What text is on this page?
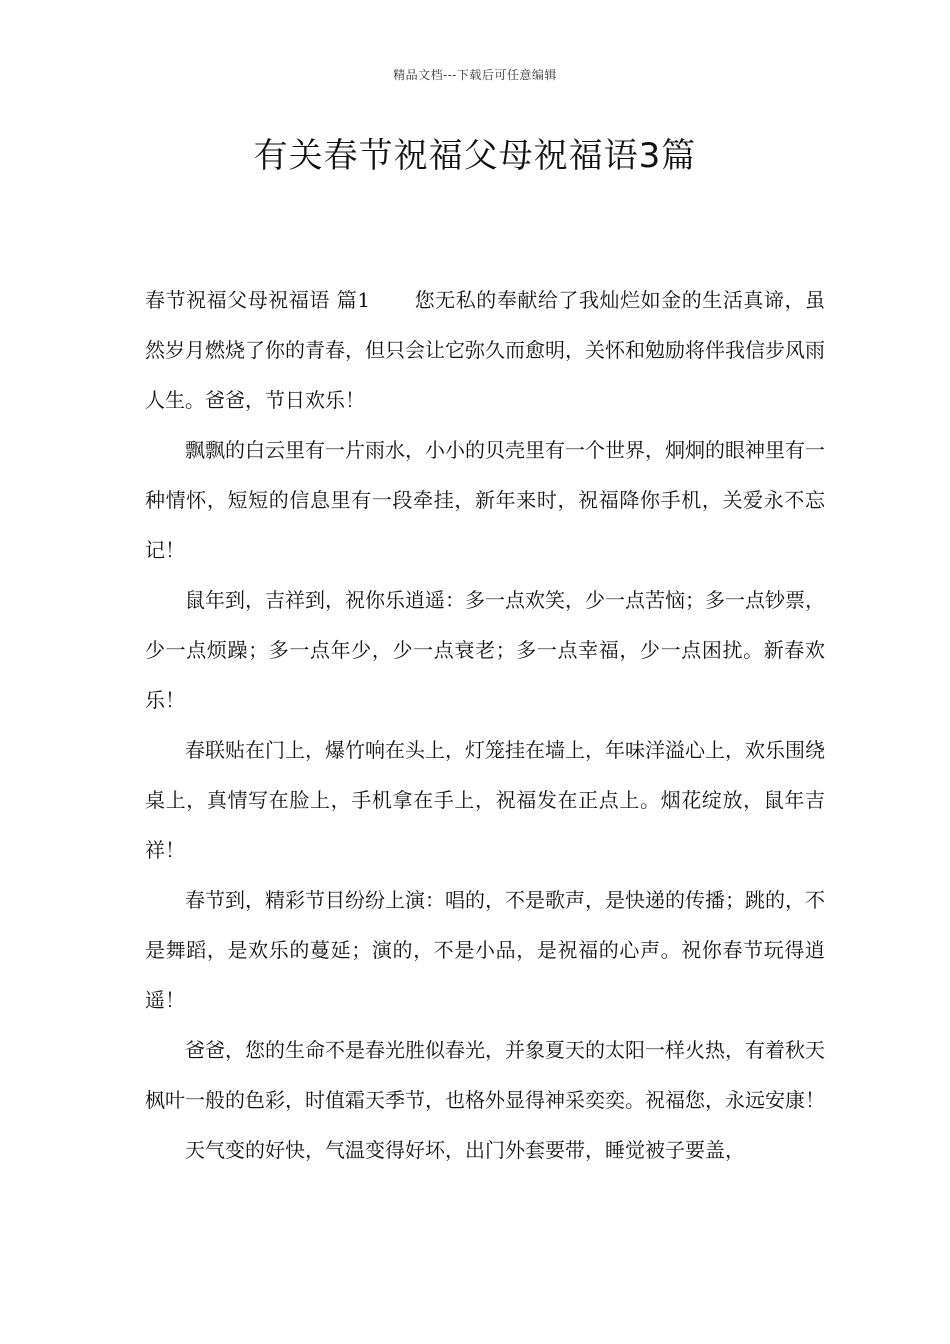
精品文档---下载后可任意编辑
有关春节祝福父母祝福语3篇

春节祝福父母祝福语 篇1 您无私的奉献给了我灿烂如金的生活真谛，虽然岁月燃烧了你的青春，但只会让它弥久而愈明，关怀和勉励将伴我信步风雨人生。爸爸，节日欢乐！

飘飘的白云里有一片雨水，小小的贝壳里有一个世界，炯炯的眼神里有一种情怀，短短的信息里有一段牵挂，新年来时，祝福降你手机，关爱永不忘记！

鼠年到，吉祥到，祝你乐逍遥：多一点欢笑，少一点苦恼；多一点钞票，少一点烦躁；多一点年少，少一点衰老；多一点幸福，少一点困扰。新春欢乐！

春联贴在门上，爆竹响在头上，灯笼挂在墙上，年味洋溢心上，欢乐围绕桌上，真情写在脸上，手机拿在手上，祝福发在正点上。烟花绽放，鼠年吉祥！

春节到，精彩节目纷纷上演：唱的，不是歌声，是快递的传播；跳的，不是舞蹈，是欢乐的蔓延；演的，不是小品，是祝福的心声。祝你春节玩得逍遥！

爸爸，您的生命不是春光胜似春光，并象夏天的太阳一样火热，有着秋天枫叶一般的色彩，时值霜天季节，也格外显得神采奕奕。祝福您，永远安康！

天气变的好快，气温变得好坏，出门外套要带，睡觉被子要盖，
